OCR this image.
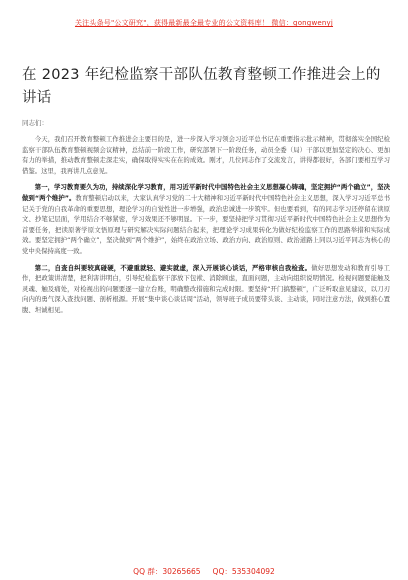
关注头条号"公文研究"，获得最新最全最专业的公文资料库！ 微信：gongwenyj
在 2023 年纪检监察干部队伍教育整顿工作推进会上的讲话
同志们：

今天，我们召开教育整顿工作推进会主要目的是，进一步深入学习领会习近平总书记在重要指示批示精神，贯彻落实全国纪检监察干部队伍教育整顿视频会议精神，总结前一阶段工作，研究部署下一阶段任务，动员全委（局）干部以更加坚定的决心、更加有力的举措，推动教育整顿走深走实，确保取得实实在在的成效。刚才，几位同志作了交流发言，讲得都很好，各部门要相互学习借鉴。这里，我再讲几点意见。

第一，学习教育要久为功，持续深化学习教育，用习近平新时代中国特色社会主义思想凝心铸魂，坚定拥护“两个确立”，坚决做到“两个维护”。教育整顿启动以来，大家认真学习党的二十大精神和习近平新时代中国特色社会主义思想，深入学习习近平总书记关于党的自我革命的重要思想，理论学习的自觉性进一步增强，政治忠诚进一步筑牢。但也要看到，有的同志学习还停留在读原文、抄笔记层面，学用结合不够紧密，学习效果还不够明显。下一步，要坚持把学习贯彻习近平新时代中国特色社会主义思想作为首要任务，把读原著学原文悟原理与研究解决实际问题结合起来，把理论学习成果转化为做好纪检监察工作的思路举措和实际成效。要坚定拥护“两个确立”，坚决做到“两个维护”，始终在政治立场、政治方向、政治原则、政治道路上同以习近平同志为核心的党中央保持高度一致。

第二，自查自纠要较真碰硬，不避重就轻、避实就虚，深入开展谈心谈话，严格审核自我检查。做好思想发动和教育引导工作，把政策讲清楚，把利害讲明白，引导纪检监察干部放下包袱、消除顾虑，直面问题，主动向组织说明情况。检视问题要能触及灵魂、触及痛处，对检视出的问题要逐一建立台账，明确整改措施和完成时限。要坚持“开门搞整顿”，广泛听取意见建议，以刀刃向内的勇气深入查找问题、剖析根源。开展“集中谈心谈话周”活动，领导班子成员要带头谈、主动谈，同时注意方法，做到推心置腹、坦诚相见。

QQ 群：30265665 QQ：535304092
